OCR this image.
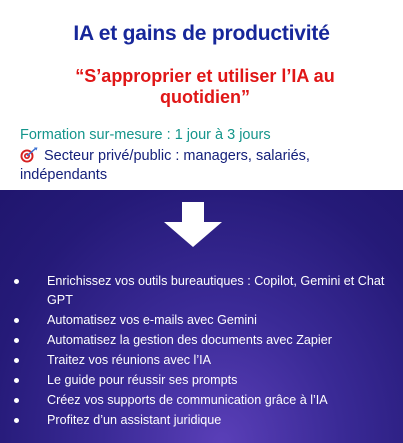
IA et gains de productivité
“S’approprier et utiliser l’IA au quotidien”
Formation sur-mesure : 1 jour à 3 jours
Secteur privé/public : managers, salariés, indépendants
Enrichissez vos outils bureautiques : Copilot, Gemini et Chat GPT
Automatisez vos e-mails avec Gemini
Automatisez la gestion des documents avec Zapier
Traitez vos réunions avec l’IA
Le guide pour réussir ses prompts
Créez vos supports de communication grâce à l’IA
Profitez d’un assistant juridique
